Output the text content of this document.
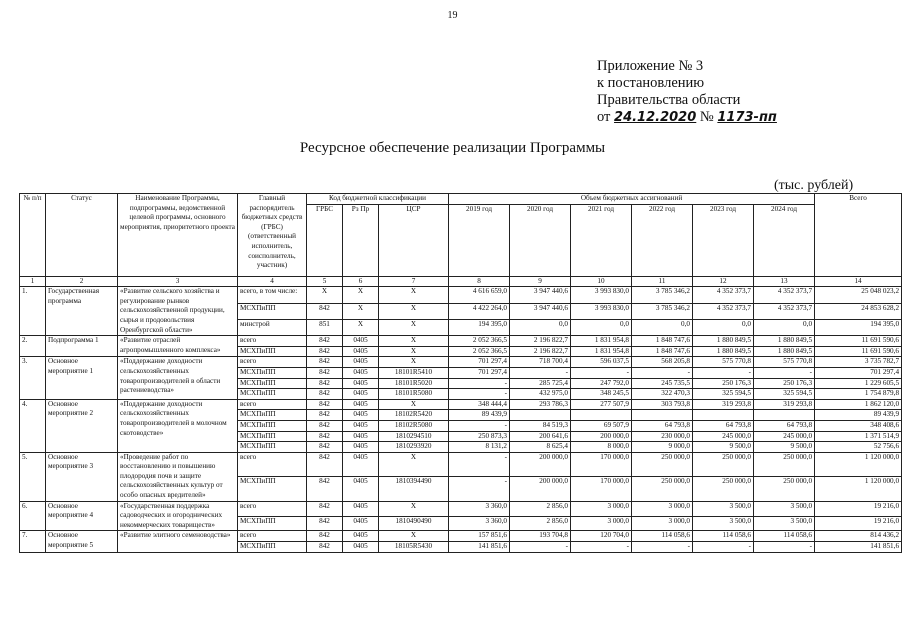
19
Приложение № 3
к постановлению
Правительства области
от 24.12.2020 № 1173-пп
Ресурсное обеспечение реализации Программы
(тыс. рублей)
№ п/п	Статус	Наименование Программы, подпрограммы, ведомственной целевой программы, основного мероприятия, приоритетного проекта	Главный распорядитель бюджетных средств (ГРБС) (ответственный исполнитель, соисполнитель, участник)	Код бюджетной классификации			Объем бюджетных ассигнований						Всего
				ГРБС	Рз Пр	ЦСР	2019 год	2020 год	2021 год	2022 год	2023 год	2024 год	
1	2	3	4	5	6	7	8	9	10	11	12	13	14
1.	Государственная программа	«Развитие сельского хозяйства и регулирование рынков сельскохозяйственной продукции, сырья и продовольствия Оренбургской области»	всего, в том числе:	Х	Х	Х	4 616 659,0	3 947 440,6	3 993 830,0	3 785 346,2	4 352 373,7	4 352 373,7	25 048 023,2
			МСХПиПП	842	Х	Х	4 422 264,0	3 947 440,6	3 993 830,0	3 785 346,2	4 352 373,7	4 352 373,7	24 853 628,2
			минстрой	851	Х	Х	194 395,0	0,0	0,0	0,0	0,0	0,0	194 395,0
2.	Подпрограмма 1	«Развитие отраслей агропромышленного комплекса»	всего	842	0405	Х	2 052 366,5	2 196 822,7	1 831 954,8	1 848 747,6	1 880 849,5	1 880 849,5	11 691 590,6
			МСХПиПП	842	0405	Х	2 052 366,5	2 196 822,7	1 831 954,8	1 848 747,6	1 880 849,5	1 880 849,5	11 691 590,6
3.	Основное мероприятие 1	«Поддержание доходности сельскохозяйственных товаропроизводителей в области растениеводства»	всего	842	0405	Х	701 297,4	718 700,4	596 037,5	568 205,8	575 770,8	575 770,8	3 735 782,7
			МСХПиПП	842	0405	18101R5410	701 297,4	-	-	-	-	-	701 297,4
			МСХПиПП	842	0405	18101R5020	-	285 725,4	247 792,0	245 735,5	250 176,3	250 176,3	1 229 605,5
			МСХПиПП	842	0405	18101R5080	-	432 975,0	348 245,5	322 470,3	325 594,5	325 594,5	1 754 879,8
4.	Основное мероприятие 2	«Поддержание доходности сельскохозяйственных товаропроизводителей в молочном скотоводстве»	всего	842	0405	Х	348 444,4	293 786,3	277 507,9	303 793,8	319 293,8	319 293,8	1 862 120,0
			МСХПиПП	842	0405	18102R5420	89 439,9						89 439,9
			МСХПиПП	842	0405	18102R5080	-	84 519,3	69 507,9	64 793,8	64 793,8	64 793,8	348 408,6
			МСХПиПП	842	0405	1810294510	250 873,3	200 641,6	200 000,0	230 000,0	245 000,0	245 000,0	1 371 514,9
			МСХПиПП	842	0405	1810293920	8 131,2	8 625,4	8 000,0	9 000,0	9 500,0	9 500,0	52 756,6
5.	Основное мероприятие 3	«Проведение работ по восстановлению и повышению плодородия почв и защите сельскохозяйственных культур от особо опасных вредителей»	всего	842	0405	Х	-	200 000,0	170 000,0	250 000,0	250 000,0	250 000,0	1 120 000,0
			МСХПиПП	842	0405	1810394490	-	200 000,0	170 000,0	250 000,0	250 000,0	250 000,0	1 120 000,0
6.	Основное мероприятие 4	«Государственная поддержка садоводческих и огороднических некоммерческих товариществ»	всего	842	0405	Х	3 360,0	2 856,0	3 000,0	3 000,0	3 500,0	3 500,0	19 216,0
			МСХПиПП	842	0405	1810490490	3 360,0	2 856,0	3 000,0	3 000,0	3 500,0	3 500,0	19 216,0
7.	Основное мероприятие 5	«Развитие элитного семеноводства»	всего	842	0405	Х	157 851,6	193 704,8	120 704,0	114 058,6	114 058,6	114 058,6	814 436,2
			МСХПиПП	842	0405	18105R5430	141 851,6	-	-	-	-	-	141 851,6
